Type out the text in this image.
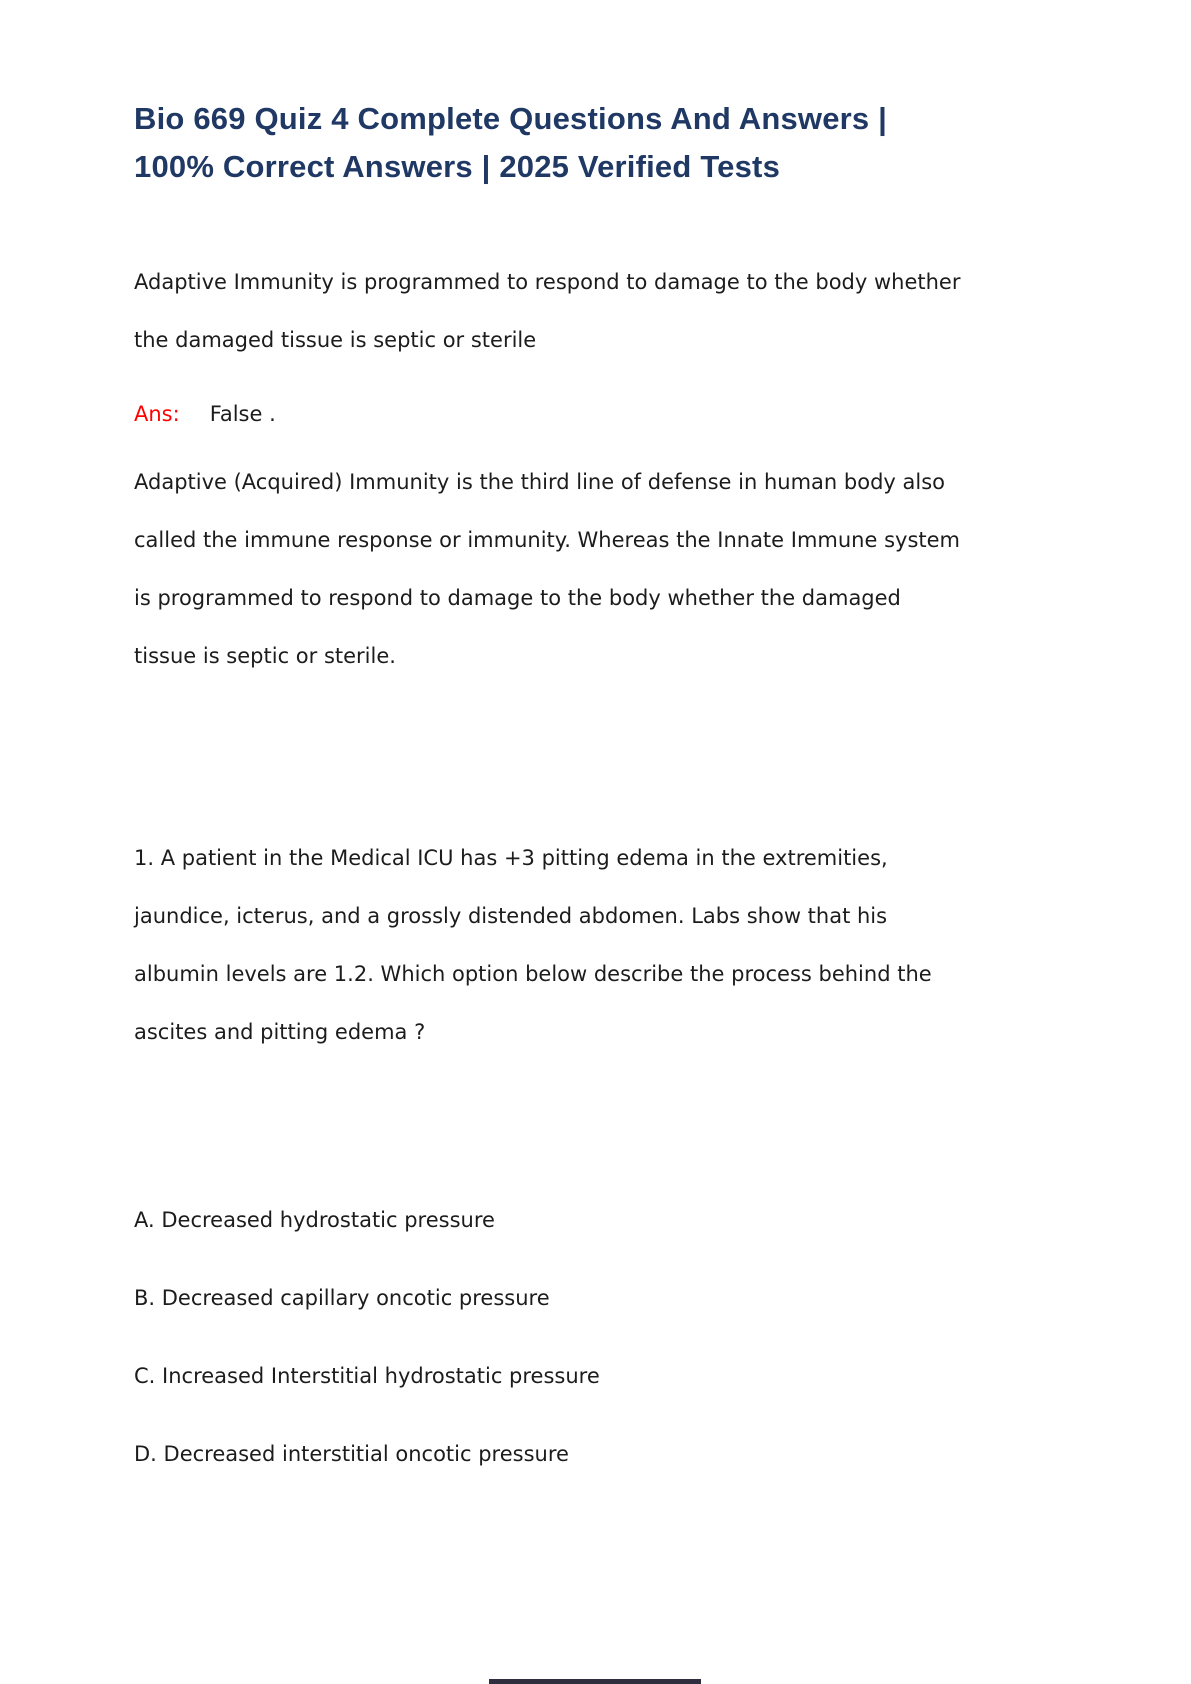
Bio 669 Quiz 4 Complete Questions And Answers | 100% Correct Answers | 2025 Verified Tests

Adaptive Immunity is programmed to respond to damage to the body whether the damaged tissue is septic or sterile

Ans: False .

Adaptive (Acquired) Immunity is the third line of defense in human body also called the immune response or immunity. Whereas the Innate Immune system is programmed to respond to damage to the body whether the damaged tissue is septic or sterile.

1. A patient in the Medical ICU has +3 pitting edema in the extremities, jaundice, icterus, and a grossly distended abdomen. Labs show that his albumin levels are 1.2. Which option below describe the process behind the ascites and pitting edema ?

A. Decreased hydrostatic pressure
B. Decreased capillary oncotic pressure
C. Increased Interstitial hydrostatic pressure
D. Decreased interstitial oncotic pressure
